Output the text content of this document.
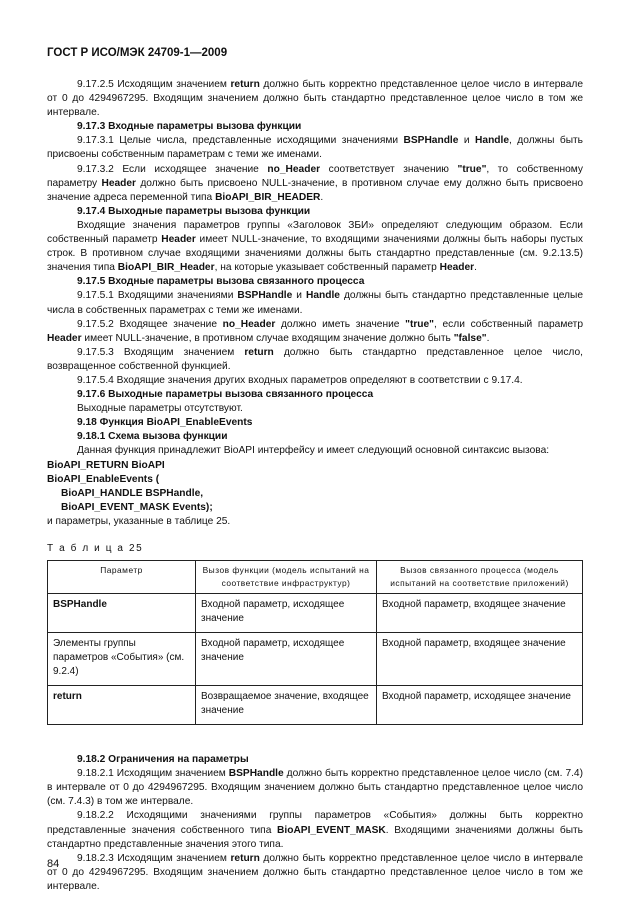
ГОСТ Р ИСО/МЭК 24709-1—2009

9.17.2.5 Исходящим значением return должно быть корректно представленное целое число в интервале от 0 до 4294967295. Входящим значением должно быть стандартно представленное целое число в том же интервале.

9.17.3 Входные параметры вызова функции

9.17.3.1 Целые числа, представленные исходящими значениями BSPHandle и Handle, должны быть присвоены собственным параметрам с теми же именами.

9.17.3.2 Если исходящее значение no_Header соответствует значению "true", то собственному параметру Header должно быть присвоено NULL-значение, в противном случае ему должно быть присвоено значение адреса переменной типа BioAPI_BIR_HEADER.

9.17.4 Выходные параметры вызова функции

Входящие значения параметров группы «Заголовок ЗБИ» определяют следующим образом. Если собственный параметр Header имеет NULL-значение, то входящими значениями должны быть наборы пустых строк. В противном случае входящими значениями должны быть стандартно представленные (см. 9.2.13.5) значения типа BioAPI_BIR_Header, на которые указывает собственный параметр Header.

9.17.5 Входные параметры вызова связанного процесса

9.17.5.1 Входящими значениями BSPHandle и Handle должны быть стандартно представленные целые числа в собственных параметрах с теми же именами.

9.17.5.2 Входящее значение no_Header должно иметь значение "true", если собственный параметр Header имеет NULL-значение, в противном случае входящим значение должно быть "false".

9.17.5.3 Входящим значением return должно быть стандартно представленное целое число, возвращенное собственной функцией.

9.17.5.4 Входящие значения других входных параметров определяют в соответствии с 9.17.4.

9.17.6 Выходные параметры вызова связанного процесса

Выходные параметры отсутствуют.

9.18 Функция BioAPI_EnableEvents

9.18.1 Схема вызова функции

Данная функция принадлежит BioAPI интерфейсу и имеет следующий основной синтаксис вызова:

BioAPI_RETURN BioAPI
BioAPI_EnableEvents (
BioAPI_HANDLE BSPHandle,
BioAPI_EVENT_MASK Events);

и параметры, указанные в таблице 25.

Т а б л и ц а 25
Параметр	Вызов функции (модель испытаний на соответствие инфраструктур)	Вызов связанного процесса (модель испытаний на соответствие приложений)
BSPHandle	Входной параметр, исходящее значение	Входной параметр, входящее значение
Элементы группы параметров «События» (см. 9.2.4)	Входной параметр, исходящее значение	Входной параметр, входящее значение
return	Возвращаемое значение, входящее значение	Входной параметр, исходящее значение

9.18.2 Ограничения на параметры

9.18.2.1 Исходящим значением BSPHandle должно быть корректно представленное целое число (см. 7.4) в интервале от 0 до 4294967295. Входящим значением должно быть стандартно представленное целое число (см. 7.4.3) в том же интервале.

9.18.2.2 Исходящими значениями группы параметров «События» должны быть корректно представленные значения собственного типа BioAPI_EVENT_MASK. Входящими значениями должны быть стандартно представленные значения этого типа.

9.18.2.3 Исходящим значением return должно быть корректно представленное целое число в интервале от 0 до 4294967295. Входящим значением должно быть стандартно представленное целое число в том же интервале.

84
